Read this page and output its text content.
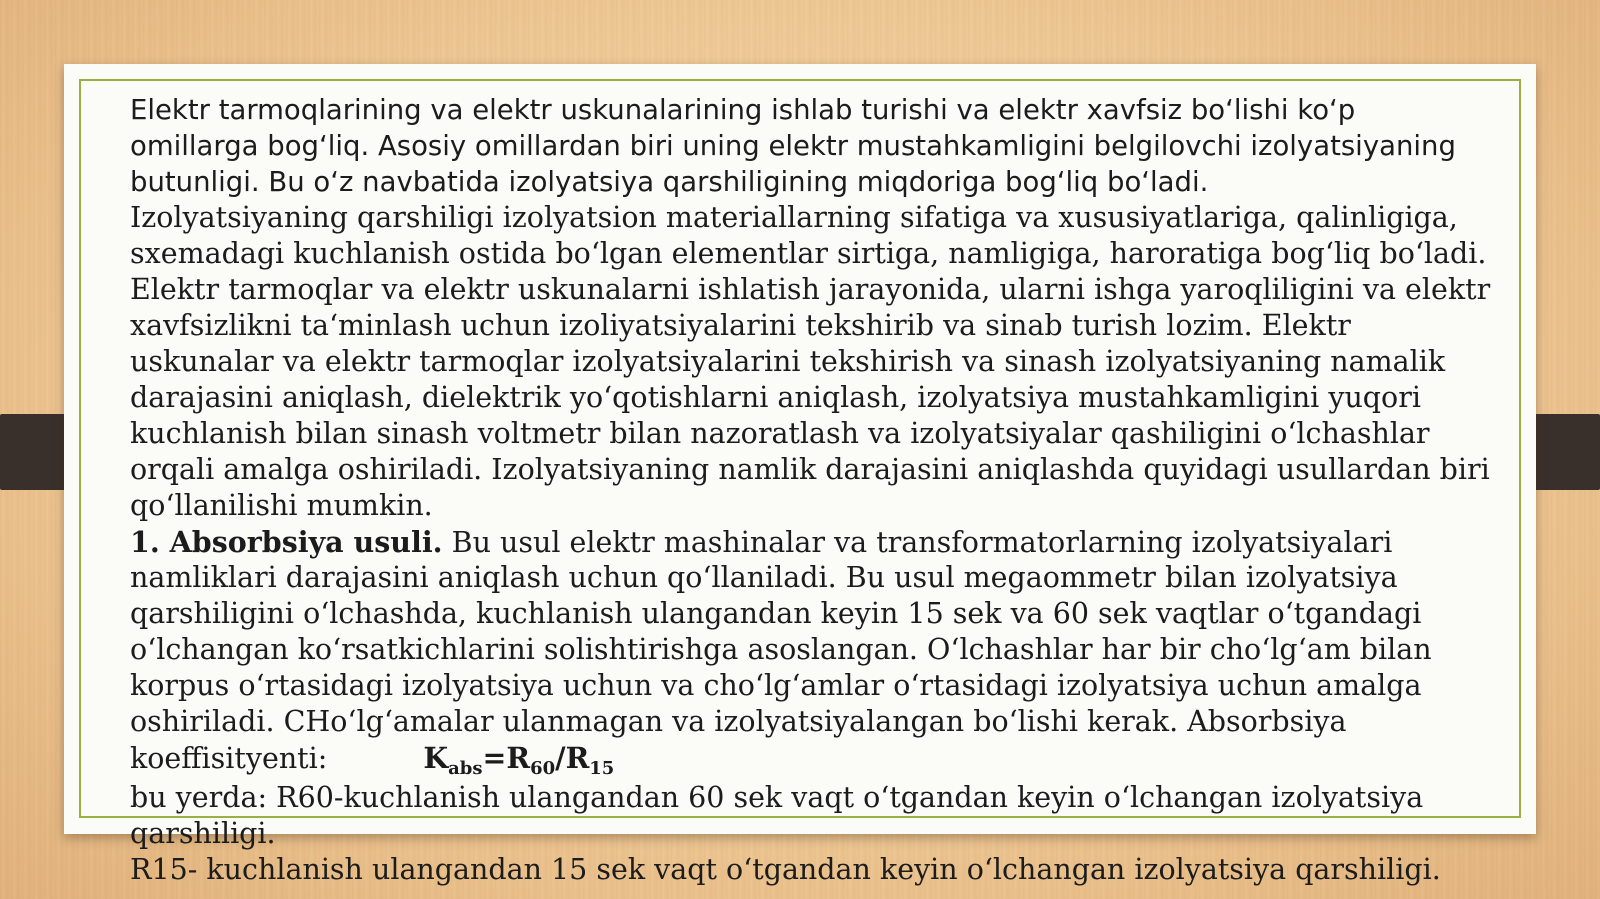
Elektr tarmoqlarining va elektr uskunalarining ishlab turishi va elektr xavfsiz bo‘lishi ko‘p
omillarga bog‘liq. Asosiy omillardan biri uning elektr mustahkamligini belgilovchi izolyatsiyaning
butunligi. Bu o‘z navbatida izolyatsiya qarshiligining miqdoriga bog‘liq bo‘ladi.
Izolyatsiyaning qarshiligi izolyatsion materiallarning sifatiga va xususiyatlariga, qalinligiga,
sxemadagi kuchlanish ostida bo‘lgan elementlar sirtiga, namligiga, haroratiga bog‘liq bo‘ladi.
Elektr tarmoqlar va elektr uskunalarni ishlatish jarayonida, ularni ishga yaroqliligini va elektr
xavfsizlikni ta‘minlash uchun izoliyatsiyalarini tekshirib va sinab turish lozim. Elektr
uskunalar va elektr tarmoqlar izolyatsiyalarini tekshirish va sinash izolyatsiyaning namalik
darajasini aniqlash, dielektrik yo‘qotishlarni aniqlash, izolyatsiya mustahkamligini yuqori
kuchlanish bilan sinash voltmetr bilan nazoratlash va izolyatsiyalar qashiligini o‘lchashlar
orqali amalga oshiriladi. Izolyatsiyaning namlik darajasini aniqlashda quyidagi usullardan biri
qo‘llanilishi mumkin.
1. Absorbsiya usuli. Bu usul elektr mashinalar va transformatorlarning izolyatsiyalari
namliklari darajasini aniqlash uchun qo‘llaniladi. Bu usul megaommetr bilan izolyatsiya
qarshiligini o‘lchashda, kuchlanish ulangandan keyin 15 sek va 60 sek vaqtlar o‘tgandagi
o‘lchangan ko‘rsatkichlarini solishtirishga asoslangan. O‘lchashlar har bir cho‘lg‘am bilan
korpus o‘rtasidagi izolyatsiya uchun va cho‘lg‘amlar o‘rtasidagi izolyatsiya uchun amalga
oshiriladi. CHo‘lg‘amalar ulanmagan va izolyatsiyalangan bo‘lishi kerak. Absorbsiya
koeffisityenti:	$K_{abs}=R_{60}/R_{15}$
bu yerda: R60-kuchlanish ulangandan 60 sek vaqt o‘tgandan keyin o‘lchangan izolyatsiya
qarshiligi.
R15- kuchlanish ulangandan 15 sek vaqt o‘tgandan keyin o‘lchangan izolyatsiya qarshiligi.
